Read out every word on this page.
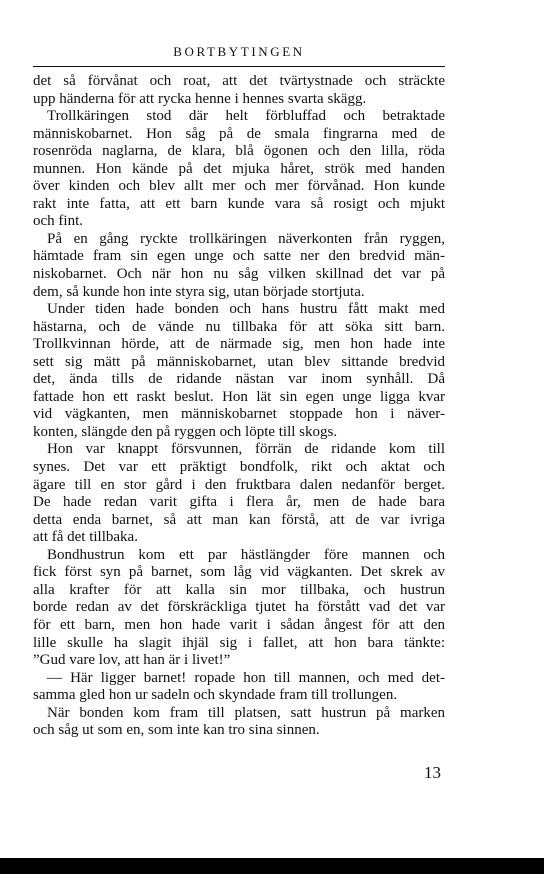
BORTBYTINGEN
det så förvånat och roat, att det tvärtystnade och sträckte
upp händerna för att rycka henne i hennes svarta skägg.
Trollkäringen stod där helt förbluffad och betraktade
människobarnet. Hon såg på de smala fingrarna med de
rosenröda naglarna, de klara, blå ögonen och den lilla, röda
munnen. Hon kände på det mjuka håret, strök med handen
över kinden och blev allt mer och mer förvånad. Hon kunde
rakt inte fatta, att ett barn kunde vara så rosigt och mjukt
och fint.
På en gång ryckte trollkäringen näverkonten från ryggen,
hämtade fram sin egen unge och satte ner den bredvid män-
niskobarnet. Och när hon nu såg vilken skillnad det var på
dem, så kunde hon inte styra sig, utan började stortjuta.
Under tiden hade bonden och hans hustru fått makt med
hästarna, och de vände nu tillbaka för att söka sitt barn.
Trollkvinnan hörde, att de närmade sig, men hon hade inte
sett sig mätt på människobarnet, utan blev sittande bredvid
det, ända tills de ridande nästan var inom synhåll. Då
fattade hon ett raskt beslut. Hon lät sin egen unge ligga kvar
vid vägkanten, men människobarnet stoppade hon i näver-
konten, slängde den på ryggen och löpte till skogs.
Hon var knappt försvunnen, förrän de ridande kom till
synes. Det var ett präktigt bondfolk, rikt och aktat och
ägare till en stor gård i den fruktbara dalen nedanför berget.
De hade redan varit gifta i flera år, men de hade bara
detta enda barnet, så att man kan förstå, att de var ivriga
att få det tillbaka.
Bondhustrun kom ett par hästlängder före mannen och
fick först syn på barnet, som låg vid vägkanten. Det skrek av
alla krafter för att kalla sin mor tillbaka, och hustrun
borde redan av det förskräckliga tjutet ha förstått vad det var
för ett barn, men hon hade varit i sådan ångest för att den
lille skulle ha slagit ihjäl sig i fallet, att hon bara tänkte:
”Gud vare lov, att han är i livet!”
— Här ligger barnet! ropade hon till mannen, och med det-
samma gled hon ur sadeln och skyndade fram till trollungen.
När bonden kom fram till platsen, satt hustrun på marken
och såg ut som en, som inte kan tro sina sinnen.
13
